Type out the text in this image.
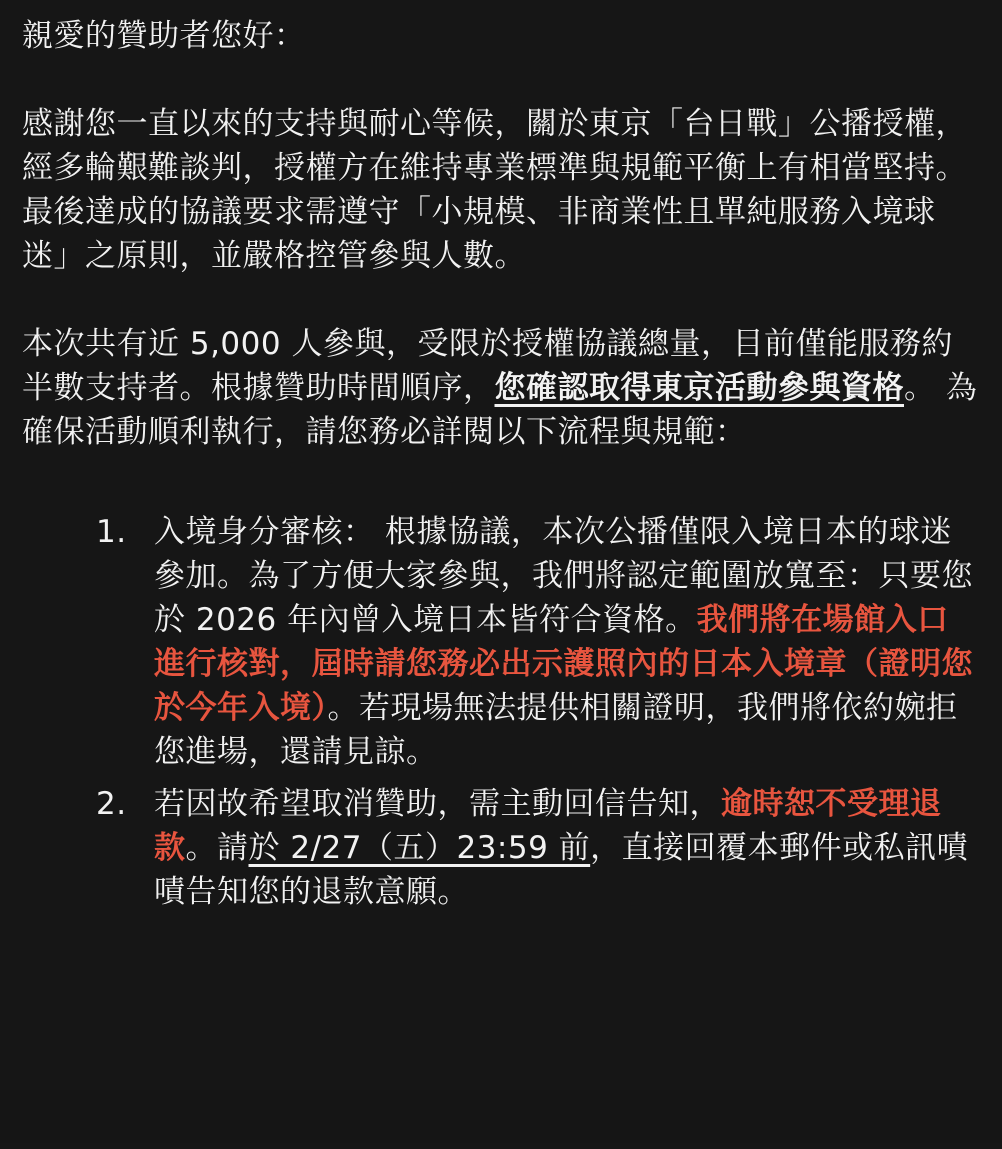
親愛的贊助者您好：

感謝您一直以來的支持與耐心等候，關於東京「台日戰」公播授權，經多輪艱難談判，授權方在維持專業標準與規範平衡上有相當堅持。 最後達成的協議要求需遵守「小規模、非商業性且單純服務入境球迷」之原則，並嚴格控管參與人數。

本次共有近 5,000 人參與，受限於授權協議總量，目前僅能服務約半數支持者。根據贊助時間順序，您確認取得東京活動參與資格。 為確保活動順利執行，請您務必詳閱以下流程與規範：

1. 入境身分審核： 根據協議，本次公播僅限入境日本的球迷參加。為了方便大家參與，我們將認定範圍放寬至：只要您於 2026 年內曾入境日本皆符合資格。我們將在場館入口進行核對，屆時請您務必出示護照內的日本入境章（證明您於今年入境）。若現場無法提供相關證明，我們將依約婉拒您進場，還請見諒。
2. 若因故希望取消贊助，需主動回信告知，逾時恕不受理退款。請於 2/27（五）23:59 前，直接回覆本郵件或私訊嘖嘖告知您的退款意願。
